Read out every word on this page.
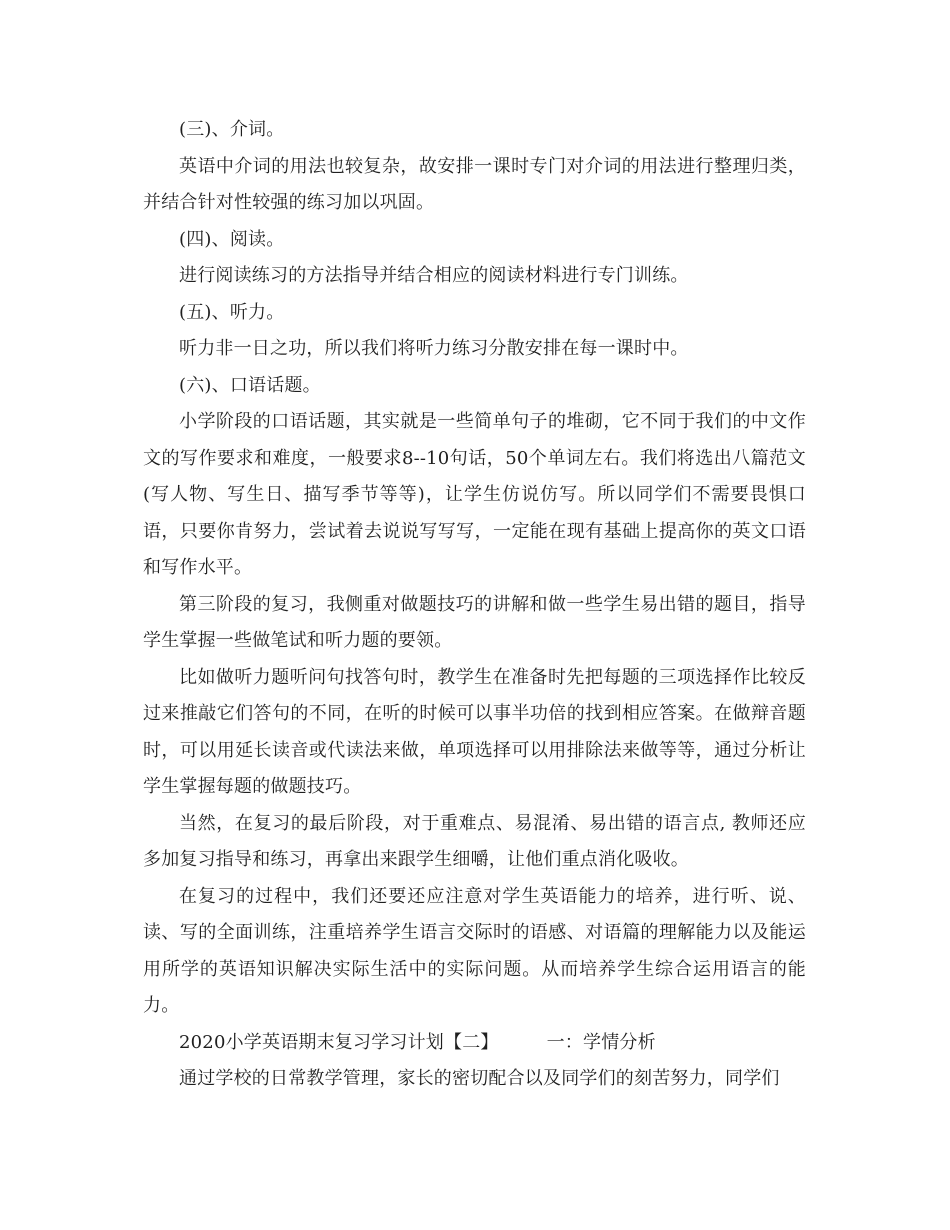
(三)、介词。

英语中介词的用法也较复杂，故安排一课时专门对介词的用法进行整理归类，并结合针对性较强的练习加以巩固。

(四)、阅读。

进行阅读练习的方法指导并结合相应的阅读材料进行专门训练。

(五)、听力。

听力非一日之功，所以我们将听力练习分散安排在每一课时中。

(六)、口语话题。

小学阶段的口语话题，其实就是一些简单句子的堆砌，它不同于我们的中文作文的写作要求和难度，一般要求8--10句话，50个单词左右。我们将选出八篇范文(写人物、写生日、描写季节等等)，让学生仿说仿写。所以同学们不需要畏惧口语，只要你肯努力，尝试着去说说写写写，一定能在现有基础上提高你的英文口语和写作水平。

第三阶段的复习，我侧重对做题技巧的讲解和做一些学生易出错的题目，指导学生掌握一些做笔试和听力题的要领。

比如做听力题听问句找答句时，教学生在准备时先把每题的三项选择作比较反过来推敲它们答句的不同，在听的时候可以事半功倍的找到相应答案。在做辩音题时，可以用延长读音或代读法来做，单项选择可以用排除法来做等等，通过分析让学生掌握每题的做题技巧。

当然，在复习的最后阶段，对于重难点、易混淆、易出错的语言点, 教师还应多加复习指导和练习，再拿出来跟学生细嚼，让他们重点消化吸收。

在复习的过程中，我们还要还应注意对学生英语能力的培养，进行听、说、读、写的全面训练，注重培养学生语言交际时的语感、对语篇的理解能力以及能运用所学的英语知识解决实际生活中的实际问题。从而培养学生综合运用语言的能力。

2020小学英语期末复习学习计划【二】	一：学情分析

通过学校的日常教学管理，家长的密切配合以及同学们的刻苦努力，同学们
